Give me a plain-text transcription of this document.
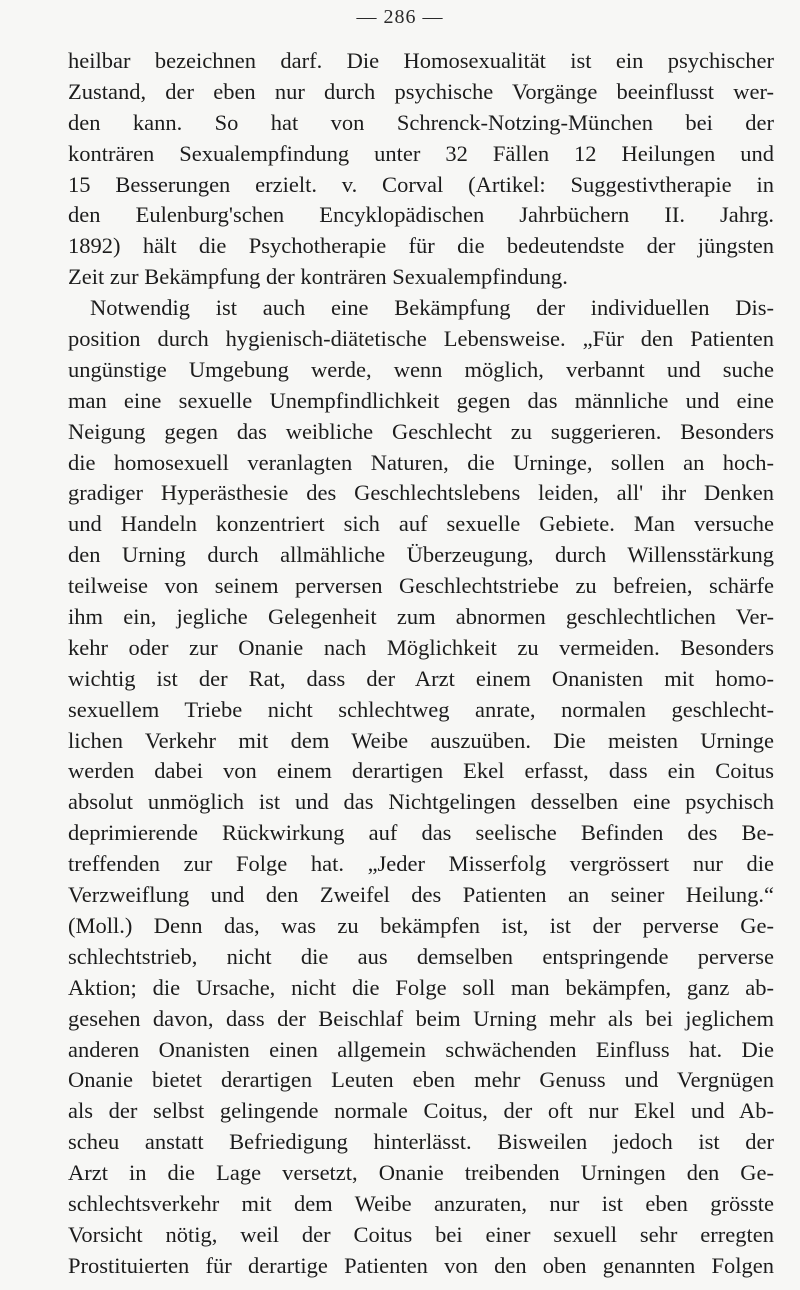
— 286 —
heilbar bezeichnen darf. Die Homosexualität ist ein psychischer
Zustand, der eben nur durch psychische Vorgänge beeinflusst wer-
den kann. So hat von Schrenck-Notzing-München bei der
konträren Sexualempfindung unter 32 Fällen 12 Heilungen und
15 Besserungen erzielt. v. Corval (Artikel: Suggestivtherapie in
den Eulenburg'schen Encyklopädischen Jahrbüchern II. Jahrg.
1892) hält die Psychotherapie für die bedeutendste der jüngsten
Zeit zur Bekämpfung der konträren Sexualempfindung.
Notwendig ist auch eine Bekämpfung der individuellen Dis-
position durch hygienisch-diätetische Lebensweise. „Für den Patienten
ungünstige Umgebung werde, wenn möglich, verbannt und suche
man eine sexuelle Unempfindlichkeit gegen das männliche und eine
Neigung gegen das weibliche Geschlecht zu suggerieren. Besonders
die homosexuell veranlagten Naturen, die Urninge, sollen an hoch-
gradiger Hyperästhesie des Geschlechtslebens leiden, all' ihr Denken
und Handeln konzentriert sich auf sexuelle Gebiete. Man versuche
den Urning durch allmähliche Überzeugung, durch Willensstärkung
teilweise von seinem perversen Geschlechtstriebe zu befreien, schärfe
ihm ein, jegliche Gelegenheit zum abnormen geschlechtlichen Ver-
kehr oder zur Onanie nach Möglichkeit zu vermeiden. Besonders
wichtig ist der Rat, dass der Arzt einem Onanisten mit homo-
sexuellem Triebe nicht schlechtweg anrate, normalen geschlecht-
lichen Verkehr mit dem Weibe auszuüben. Die meisten Urninge
werden dabei von einem derartigen Ekel erfasst, dass ein Coitus
absolut unmöglich ist und das Nichtgelingen desselben eine psychisch
deprimierende Rückwirkung auf das seelische Befinden des Be-
treffenden zur Folge hat. „Jeder Misserfolg vergrössert nur die
Verzweiflung und den Zweifel des Patienten an seiner Heilung.“
(Moll.) Denn das, was zu bekämpfen ist, ist der perverse Ge-
schlechtstrieb, nicht die aus demselben entspringende perverse
Aktion; die Ursache, nicht die Folge soll man bekämpfen, ganz ab-
gesehen davon, dass der Beischlaf beim Urning mehr als bei jeglichem
anderen Onanisten einen allgemein schwächenden Einfluss hat. Die
Onanie bietet derartigen Leuten eben mehr Genuss und Vergnügen
als der selbst gelingende normale Coitus, der oft nur Ekel und Ab-
scheu anstatt Befriedigung hinterlässt. Bisweilen jedoch ist der
Arzt in die Lage versetzt, Onanie treibenden Urningen den Ge-
schlechtsverkehr mit dem Weibe anzuraten, nur ist eben grösste
Vorsicht nötig, weil der Coitus bei einer sexuell sehr erregten
Prostituierten für derartige Patienten von den oben genannten Folgen
